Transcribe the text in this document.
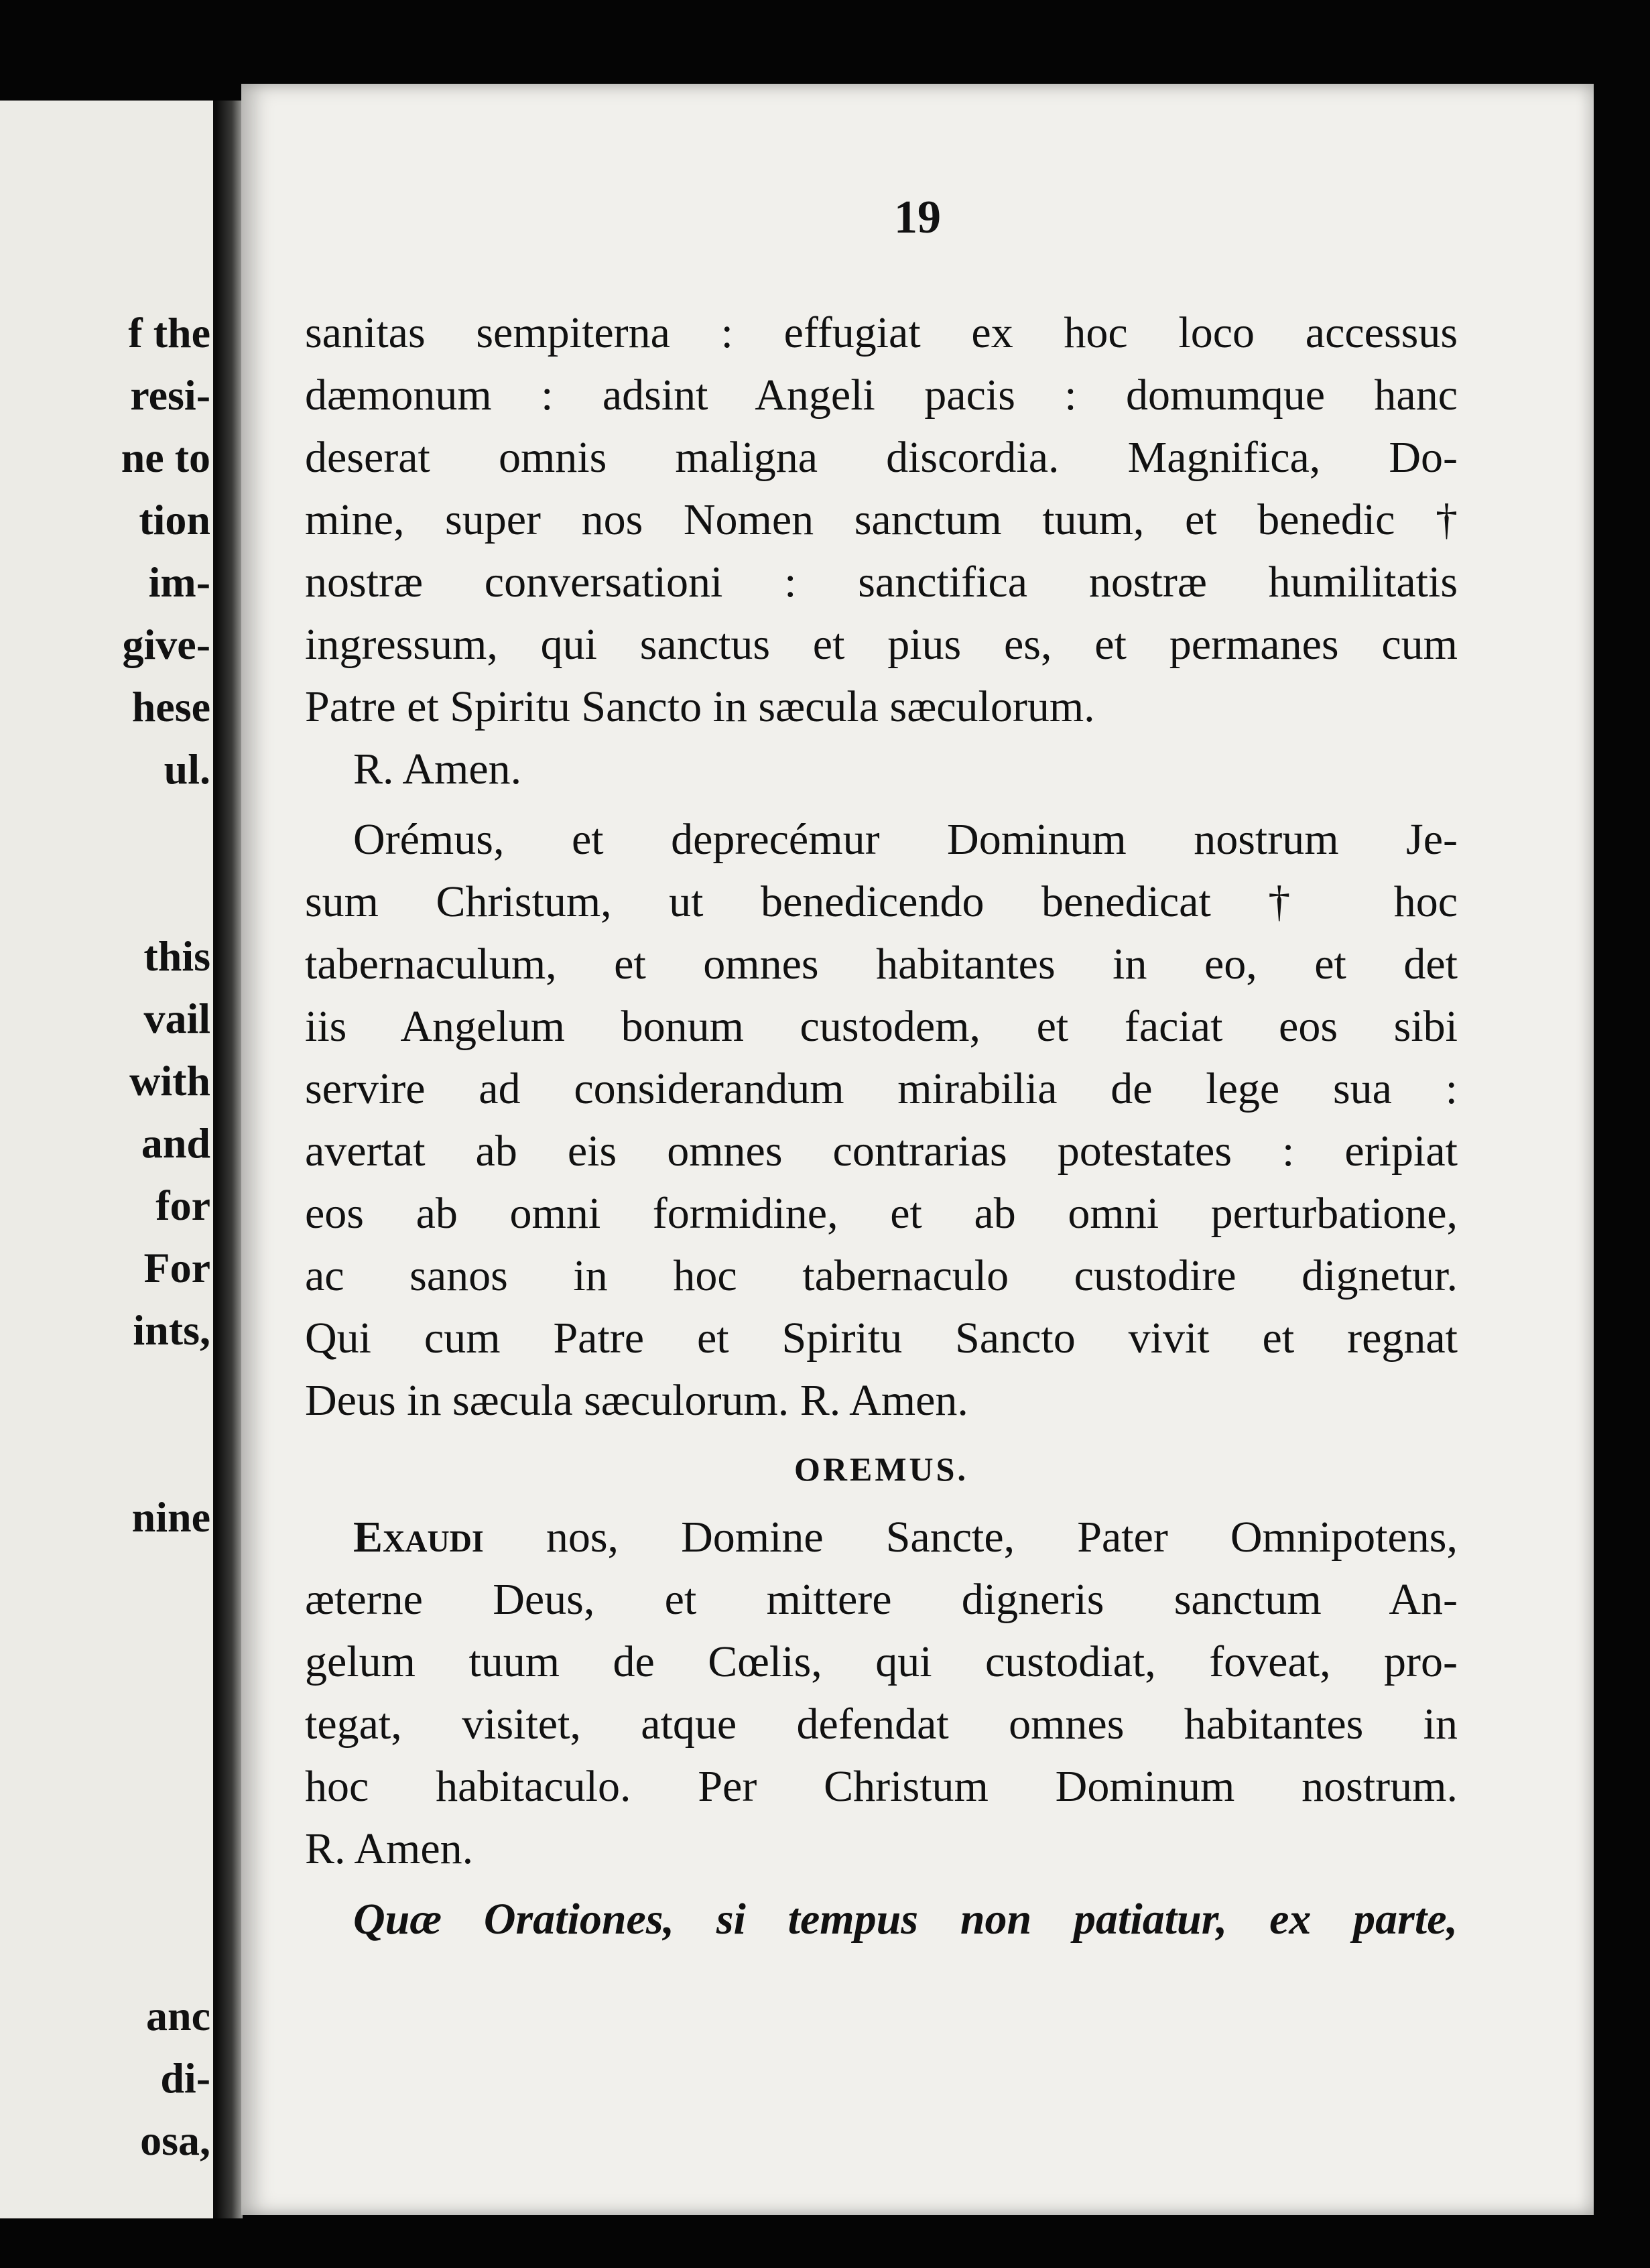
f the
resi-
ne to
tion
im-
give-
hese
ul.
this
vail
with
and
for
For
ints,
nine
anc
di-
osa,
19
sanitas sempiterna : effugiat ex hoc loco accessus
dæmonum : adsint Angeli pacis : domumque hanc
deserat omnis maligna discordia. Magnifica, Do-
mine, super nos Nomen sanctum tuum, et benedic †
nostræ conversationi : sanctifica nostræ humilitatis
ingressum, qui sanctus et pius es, et permanes cum
Patre et Spiritu Sancto in sæcula sæculorum.
R. Amen.
Orémus, et deprecémur Dominum nostrum Je-
sum Christum, ut benedicendo benedicat † hoc
tabernaculum, et omnes habitantes in eo, et det
iis Angelum bonum custodem, et faciat eos sibi
servire ad considerandum mirabilia de lege sua :
avertat ab eis omnes contrarias potestates : eripiat
eos ab omni formidine, et ab omni perturbatione,
ac sanos in hoc tabernaculo custodire dignetur.
Qui cum Patre et Spiritu Sancto vivit et regnat
Deus in sæcula sæculorum. R. Amen.
OREMUS.
Exaudi nos, Domine Sancte, Pater Omnipotens,
æterne Deus, et mittere digneris sanctum An-
gelum tuum de Cœlis, qui custodiat, foveat, pro-
tegat, visitet, atque defendat omnes habitantes in
hoc habitaculo. Per Christum Dominum nostrum.
R. Amen.
Quæ Orationes, si tempus non patiatur, ex parte,
